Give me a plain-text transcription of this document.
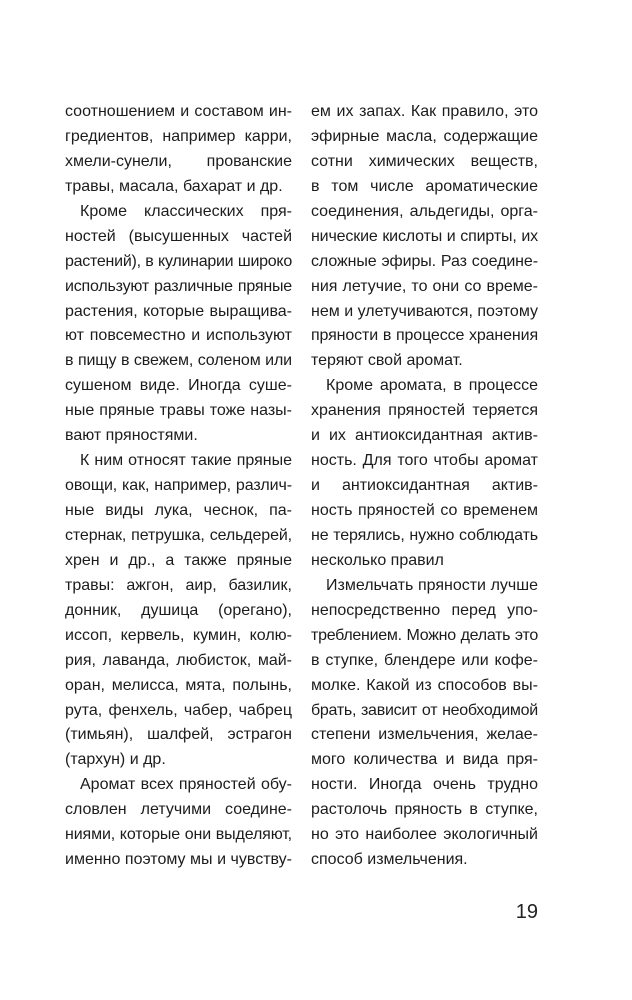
соотношением и составом ин-
гредиентов, например карри,
хмели-сунели, прованские
травы, масала, бахарат и др.
Кроме классических пря-
ностей (высушенных частей
растений), в кулинарии широко
используют различные пряные
растения, которые выращива-
ют повсеместно и используют
в пищу в свежем, соленом или
сушеном виде. Иногда суше-
ные пряные травы тоже назы-
вают пряностями.
К ним относят такие пряные
овощи, как, например, различ-
ные виды лука, чеснок, па-
стернак, петрушка, сельдерей,
хрен и др., а также пряные
травы: ажгон, аир, базилик,
донник, душица (орегано),
иссоп, кервель, кумин, колю-
рия, лаванда, любисток, май-
оран, мелисса, мята, полынь,
рута, фенхель, чабер, чабрец
(тимьян), шалфей, эстрагон
(тархун) и др.
Аромат всех пряностей обу-
словлен летучими соедине-
ниями, которые они выделяют,
именно поэтому мы и чувству-
ем их запах. Как правило, это
эфирные масла, содержащие
сотни химических веществ,
в том числе ароматические
соединения, альдегиды, орга-
нические кислоты и спирты, их
сложные эфиры. Раз соедине-
ния летучие, то они со време-
нем и улетучиваются, поэтому
пряности в процессе хранения
теряют свой аромат.
Кроме аромата, в процессе
хранения пряностей теряется
и их антиоксидантная актив-
ность. Для того чтобы аромат
и антиоксидантная актив-
ность пряностей со временем
не терялись, нужно соблюдать
несколько правил
Измельчать пряности лучше
непосредственно перед упо-
треблением. Можно делать это
в ступке, блендере или кофе-
молке. Какой из способов вы-
брать, зависит от необходимой
степени измельчения, желае-
мого количества и вида пря-
ности. Иногда очень трудно
растолочь пряность в ступке,
но это наиболее экологичный
способ измельчения.
19
